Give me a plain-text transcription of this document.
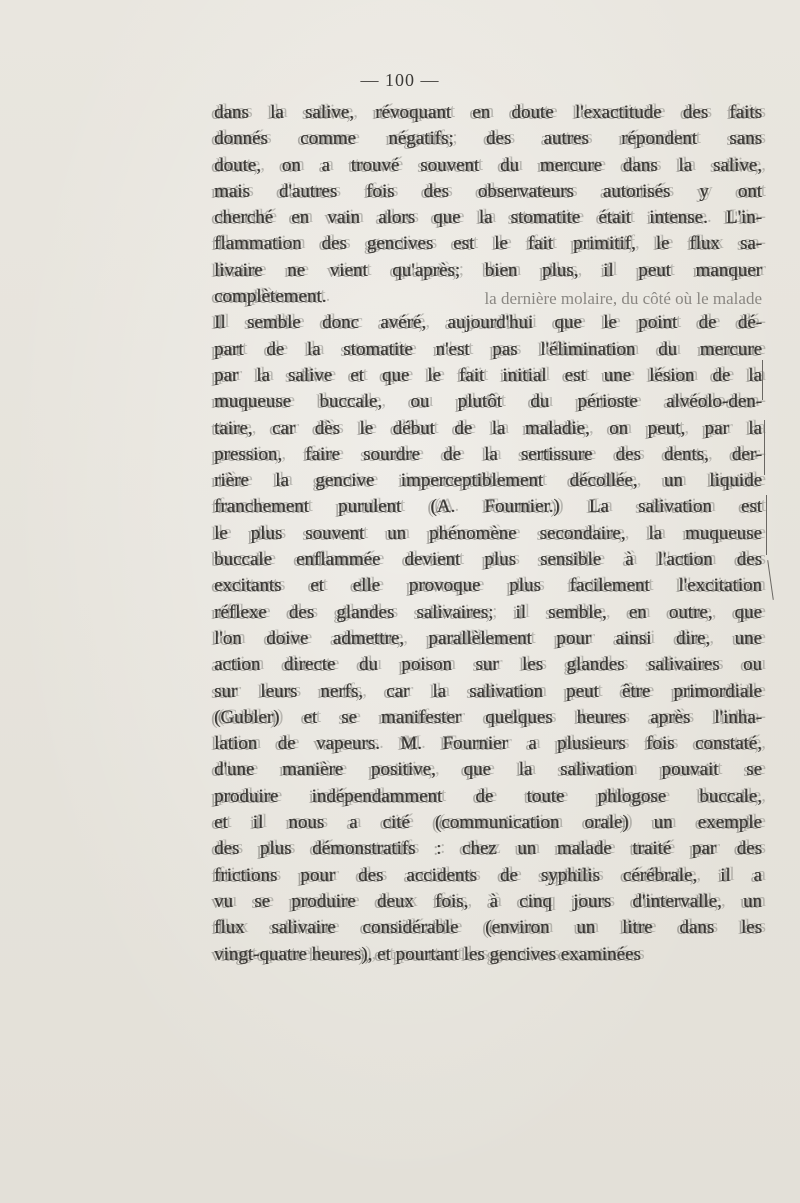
— 100 —
dans la salive, révoquant en doute l'exactitude des faits
donnés comme négatifs; des autres répondent sans
doute, on a trouvé souvent du mercure dans la salive,
mais d'autres fois des observateurs autorisés y ont
cherché en vain alors que la stomatite était intense. L'in-
flammation des gencives est le fait primitif, le flux sa-
livaire ne vient qu'après; bien plus, il peut manquer
complètement.	la dernière molaire, du côté où le malade
Il semble donc avéré, aujourd'hui que le point de dé-
part de la stomatite n'est pas l'élimination du mercure
par la salive et que le fait initial est une lésion de la
muqueuse buccale, ou plutôt du périoste alvéolo-den-
taire, car dès le début de la maladie, on peut, par la
pression, faire sourdre de la sertissure des dents, der-
rière la gencive imperceptiblement décollée, un liquide
franchement purulent (A. Fournier.) La salivation est
le plus souvent un phénomène secondaire, la muqueuse
buccale enflammée devient plus sensible à l'action des
excitants et elle provoque plus facilement l'excitation
réflexe des glandes salivaires; il semble, en outre, que
l'on doive admettre, parallèlement pour ainsi dire, une
action directe du poison sur les glandes salivaires ou
sur leurs nerfs, car la salivation peut être primordiale
(Gubler) et se manifester quelques heures après l'inha-
lation de vapeurs. M. Fournier a plusieurs fois constaté,
d'une manière positive, que la salivation pouvait se
produire indépendamment de toute phlogose buccale,
et il nous a cité (communication orale) un exemple
des plus démonstratifs : chez un malade traité par des
frictions pour des accidents de syphilis cérébrale, il a
vu se produire deux fois, à cinq jours d'intervalle, un
flux salivaire considérable (environ un litre dans les
vingt-quatre heures), et pourtant les gencives examinées
